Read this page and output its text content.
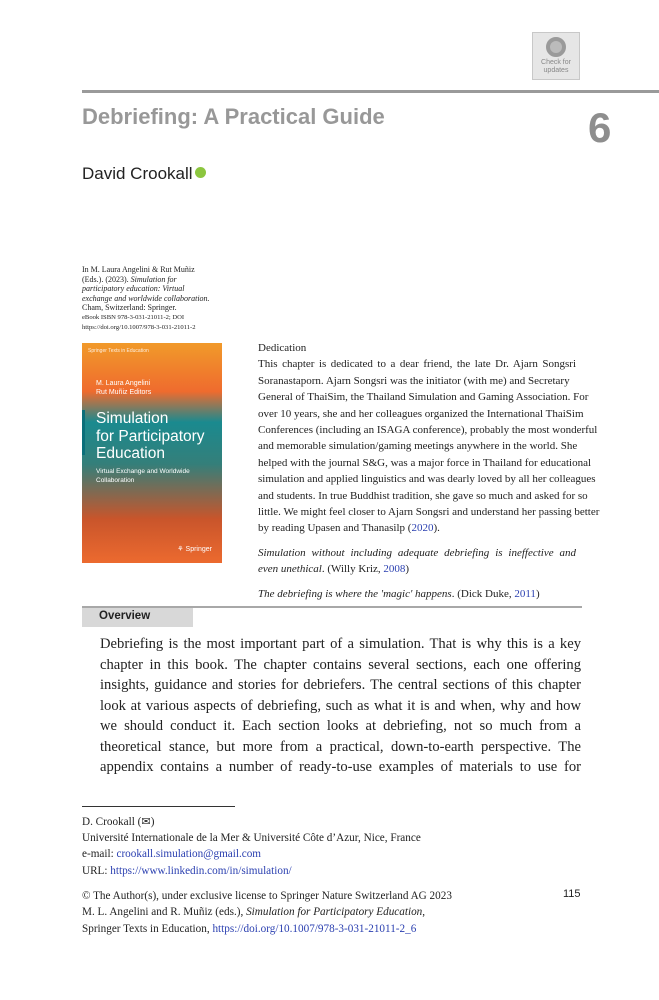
Check for
updates
Debriefing: A Practical Guide	6
David Crookall
In M. Laura Angelini & Rut Muñiz
(Eds.). (2023). Simulation for
participatory education: Virtual
exchange and worldwide collaboration.
Cham, Switzerland: Springer.
eBook ISBN 978-3-031-21011-2; DOI
https://doi.org/10.1007/978-3-031-21011-2
Springer Texts in Education
M. Laura Angelini
Rut Muñiz Editors
Simulation
for Participatory
Education
Virtual Exchange and Worldwide
Collaboration
⚘ Springer
Dedication
This chapter is dedicated to a dear friend, the late Dr. Ajarn Songsri
Soranastaporn. Ajarn Songsri was the initiator (with me) and Secretary
General of ThaiSim, the Thailand Simulation and Gaming Association. For
over 10 years, she and her colleagues organized the International ThaiSim
Conferences (including an ISAGA conference), probably the most wonderful
and memorable simulation/gaming meetings anywhere in the world. She
helped with the journal S&G, was a major force in Thailand for educational
simulation and applied linguistics and was dearly loved by all her colleagues
and students. In true Buddhist tradition, she gave so much and asked for so
little. We might feel closer to Ajarn Songsri and understand her passing better
by reading Upasen and Thanasilp (2020).
Simulation without including adequate debriefing is ineffective and
even unethical. (Willy Kriz, 2008)
The debriefing is where the 'magic' happens. (Dick Duke, 2011)
Overview
Debriefing is the most important part of a simulation. That is why this is a key
chapter in this book. The chapter contains several sections, each one offering
insights, guidance and stories for debriefers. The central sections of this chapter
look at various aspects of debriefing, such as what it is and when, why and how
we should conduct it. Each section looks at debriefing, not so much from a
theoretical stance, but more from a practical, down-to-earth perspective. The
appendix contains a number of ready-to-use examples of materials to use for
D. Crookall (✉)
Université Internationale de la Mer & Université Côte d’Azur, Nice, France
e-mail: crookall.simulation@gmail.com
URL: https://www.linkedin.com/in/simulation/
© The Author(s), under exclusive license to Springer Nature Switzerland AG 2023
M. L. Angelini and R. Muñiz (eds.), Simulation for Participatory Education,
Springer Texts in Education, https://doi.org/10.1007/978-3-031-21011-2_6
115
